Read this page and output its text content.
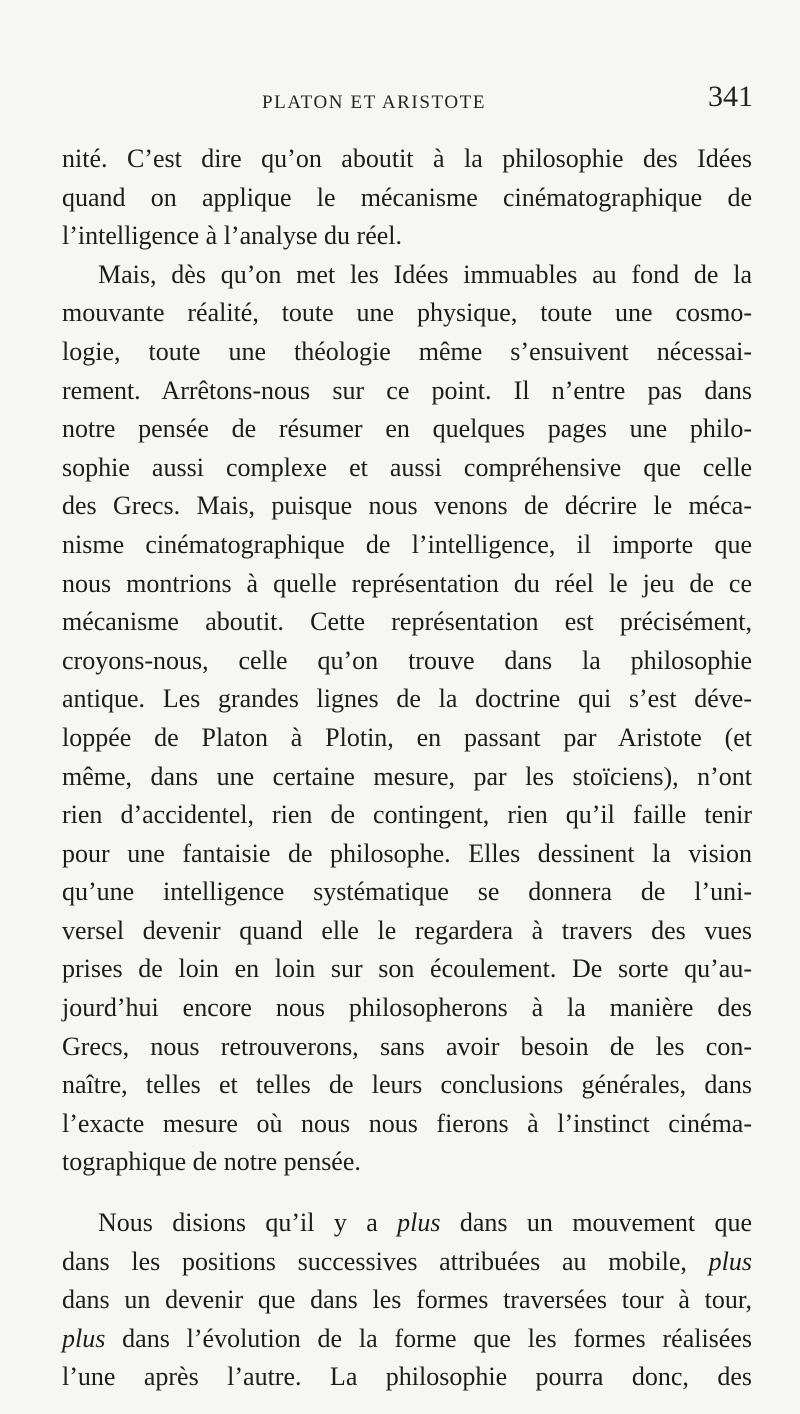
PLATON ET ARISTOTE	341
nité. C’est dire qu’on aboutit à la philosophie des Idées
quand on applique le mécanisme cinématographique de
l’intelligence à l’analyse du réel.
Mais, dès qu’on met les Idées immuables au fond de la
mouvante réalité, toute une physique, toute une cosmo-
logie, toute une théologie même s’ensuivent nécessai-
rement. Arrêtons-nous sur ce point. Il n’entre pas dans
notre pensée de résumer en quelques pages une philo-
sophie aussi complexe et aussi compréhensive que celle
des Grecs. Mais, puisque nous venons de décrire le méca-
nisme cinématographique de l’intelligence, il importe que
nous montrions à quelle représentation du réel le jeu de ce
mécanisme aboutit. Cette représentation est précisément,
croyons-nous, celle qu’on trouve dans la philosophie
antique. Les grandes lignes de la doctrine qui s’est déve-
loppée de Platon à Plotin, en passant par Aristote (et
même, dans une certaine mesure, par les stoïciens), n’ont
rien d’accidentel, rien de contingent, rien qu’il faille tenir
pour une fantaisie de philosophe. Elles dessinent la vision
qu’une intelligence systématique se donnera de l’uni-
versel devenir quand elle le regardera à travers des vues
prises de loin en loin sur son écoulement. De sorte qu’au-
jourd’hui encore nous philosopherons à la manière des
Grecs, nous retrouverons, sans avoir besoin de les con-
naître, telles et telles de leurs conclusions générales, dans
l’exacte mesure où nous nous fierons à l’instinct cinéma-
tographique de notre pensée.
Nous disions qu’il y a plus dans un mouvement que
dans les positions successives attribuées au mobile, plus
dans un devenir que dans les formes traversées tour à tour,
plus dans l’évolution de la forme que les formes réalisées
l’une après l’autre. La philosophie pourra donc, des
